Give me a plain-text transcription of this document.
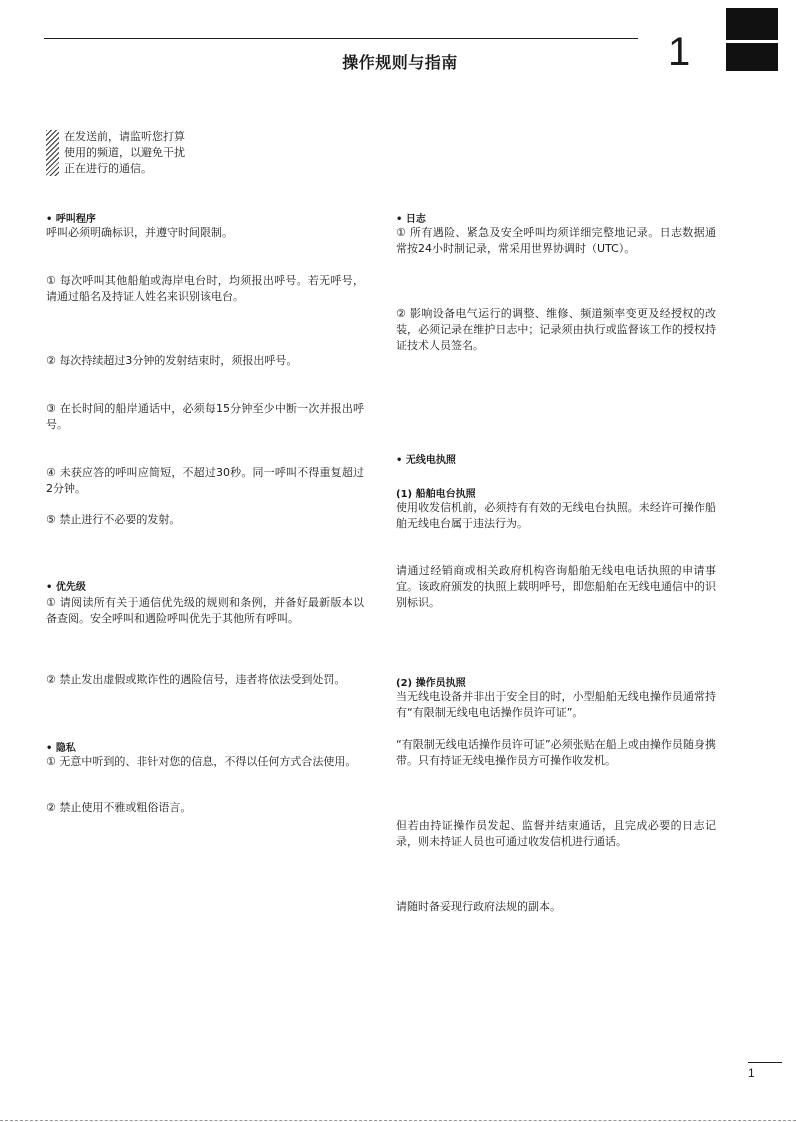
操作规则与指南	1
在发送前，请监听您打算
使用的频道，以避免干扰
正在进行的通信。
• 呼叫程序
呼叫必须明确标识，并遵守时间限制。
① 每次呼叫其他船舶或海岸电台时，均须报出呼号。若无呼号，请通过船名及持证人姓名来识别该电台。
② 每次持续超过3分钟的发射结束时，须报出呼号。
③ 在长时间的船岸通话中，必须每15分钟至少中断一次并报出呼号。
④ 未获应答的呼叫应简短，不超过30秒。同一呼叫不得重复超过2分钟。
⑤ 禁止进行不必要的发射。
• 优先级
① 请阅读所有关于通信优先级的规则和条例，并备好最新版本以备查阅。安全呼叫和遇险呼叫优先于其他所有呼叫。
② 禁止发出虚假或欺诈性的遇险信号，违者将依法受到处罚。
• 隐私
① 无意中听到的、非针对您的信息，不得以任何方式合法使用。
② 禁止使用不雅或粗俗语言。
• 日志
① 所有遇险、紧急及安全呼叫均须详细完整地记录。日志数据通常按24小时制记录，常采用世界协调时（UTC）。
② 影响设备电气运行的调整、维修、频道频率变更及经授权的改装，必须记录在维护日志中；记录须由执行或监督该工作的授权持证技术人员签名。
• 无线电执照
(1) 船舶电台执照
使用收发信机前，必须持有有效的无线电台执照。未经许可操作船舶无线电台属于违法行为。
请通过经销商或相关政府机构咨询船舶无线电电话执照的申请事宜。该政府颁发的执照上载明呼号，即您船舶在无线电通信中的识别标识。
(2) 操作员执照
当无线电设备并非出于安全目的时，小型船舶无线电操作员通常持有“有限制无线电电话操作员许可证”。
“有限制无线电话操作员许可证”必须张贴在船上或由操作员随身携带。只有持证无线电操作员方可操作收发机。
但若由持证操作员发起、监督并结束通话，且完成必要的日志记录，则未持证人员也可通过收发信机进行通话。
请随时备妥现行政府法规的副本。
1
